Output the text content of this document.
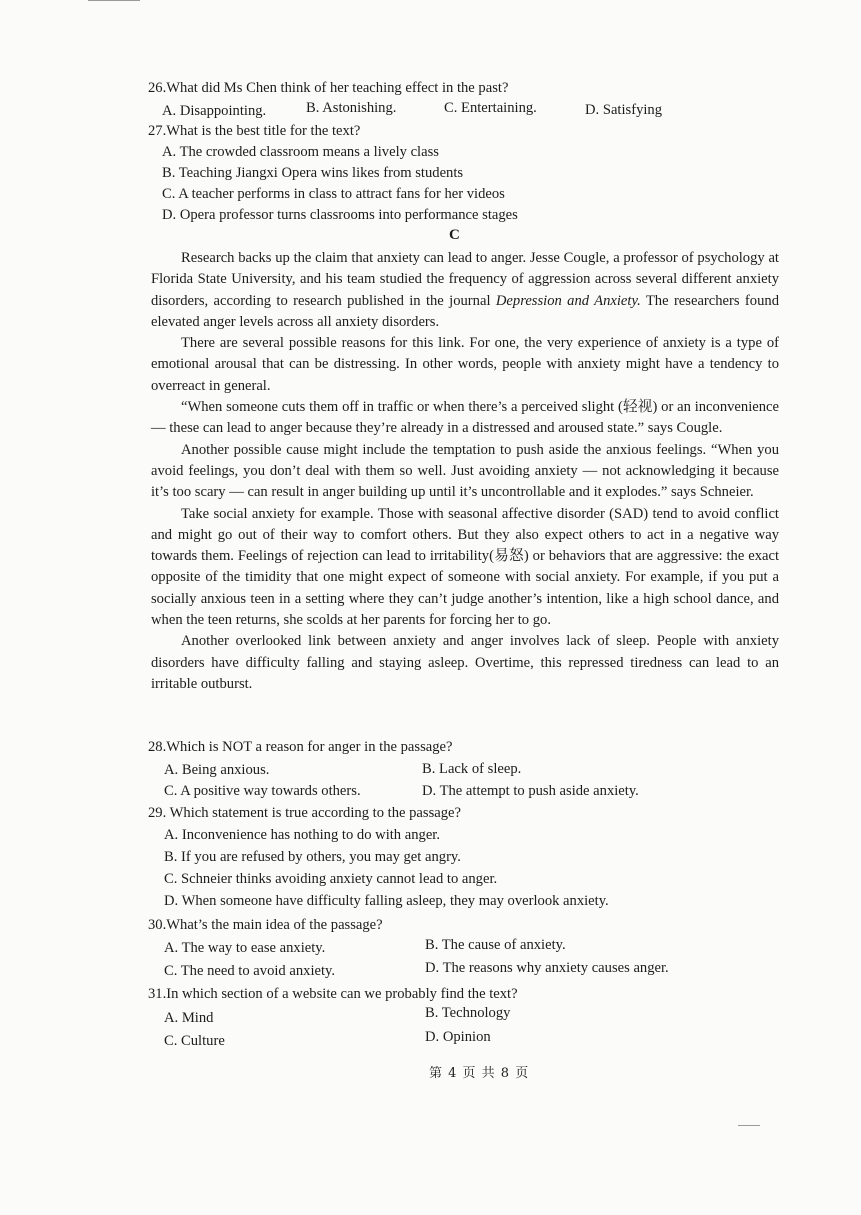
26.What did Ms Chen think of her teaching effect in the past?
A. Disappointing.	B. Astonishing.	C. Entertaining.	D. Satisfying
27.What is the best title for the text?
A. The crowded classroom means a lively class
B. Teaching Jiangxi Opera wins likes from students
C. A teacher performs in class to attract fans for her videos
D. Opera professor turns classrooms into performance stages
C

Research backs up the claim that anxiety can lead to anger. Jesse Cougle, a professor of psychology at Florida State University, and his team studied the frequency of aggression across several different anxiety disorders, according to research published in the journal Depression and Anxiety. The researchers found elevated anger levels across all anxiety disorders.

There are several possible reasons for this link. For one, the very experience of anxiety is a type of emotional arousal that can be distressing. In other words, people with anxiety might have a tendency to overreact in general.

“When someone cuts them off in traffic or when there’s a perceived slight (轻视) or an inconvenience — these can lead to anger because they’re already in a distressed and aroused state.” says Cougle.

Another possible cause might include the temptation to push aside the anxious feelings. “When you avoid feelings, you don’t deal with them so well. Just avoiding anxiety — not acknowledging it because it’s too scary — can result in anger building up until it’s uncontrollable and it explodes.” says Schneier.

Take social anxiety for example. Those with seasonal affective disorder (SAD) tend to avoid conflict and might go out of their way to comfort others. But they also expect others to act in a negative way towards them. Feelings of rejection can lead to irritability(易怒) or behaviors that are aggressive: the exact opposite of the timidity that one might expect of someone with social anxiety. For example, if you put a socially anxious teen in a setting where they can’t judge another’s intention, like a high school dance, and when the teen returns, she scolds at her parents for forcing her to go.

Another overlooked link between anxiety and anger involves lack of sleep. People with anxiety disorders have difficulty falling and staying asleep. Overtime, this repressed tiredness can lead to an irritable outburst.

28.Which is NOT a reason for anger in the passage?
A. Being anxious.	B. Lack of sleep.
C. A positive way towards others.	D. The attempt to push aside anxiety.
29. Which statement is true according to the passage?
A. Inconvenience has nothing to do with anger.
B. If you are refused by others, you may get angry.
C. Schneier thinks avoiding anxiety cannot lead to anger.
D. When someone have difficulty falling asleep, they may overlook anxiety.
30.What’s the main idea of the passage?
A. The way to ease anxiety.	B. The cause of anxiety.
C. The need to avoid anxiety.	D. The reasons why anxiety causes anger.
31.In which section of a website can we probably find the text?
A. Mind	B. Technology
C. Culture	D. Opinion
第 4 页 共 8 页
